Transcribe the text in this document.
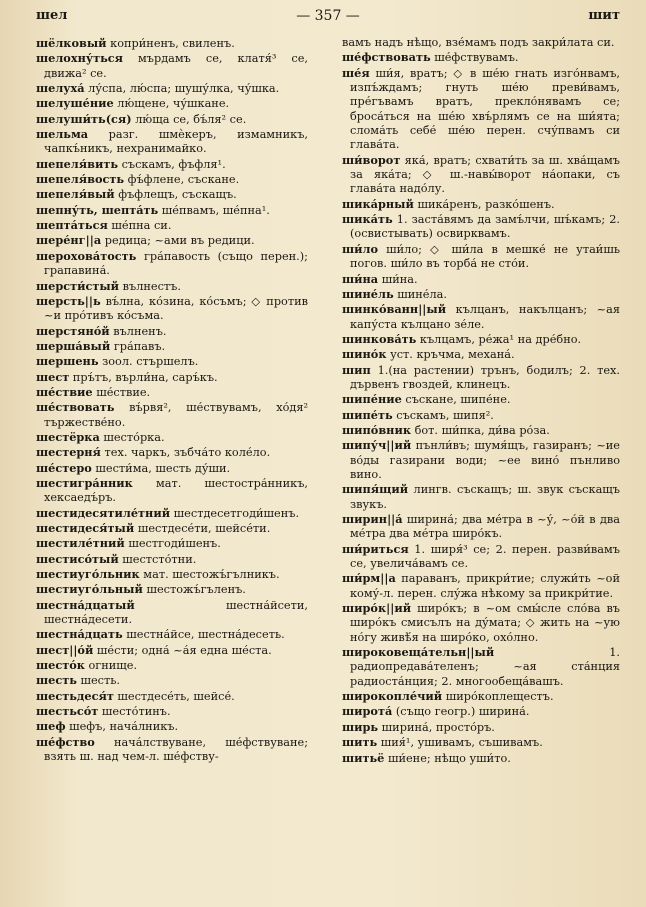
шел	— 357 —	шит

шёлковый копри́ненъ, свиленъ.

шелохну́ться мърдамъ се, клатя́³ се, движа² се.

шелуха́ лу́спа, лю́спа; шушу́лка, чу́шка.

шелуше́ние лю́щене, чу́шкане.

шелуши́ть(ся) лю́ща се, бъ́ля² се.

шельма разг. шмѐкеръ, измамникъ, чапкъ́никъ, нехранимайко.

шепеля́вить съскамъ, фъфля¹.

шепеля́вость фъ́флене, съскане.

шепеля́вый фъфлещъ, съскащъ.

шепну́ть, шепта́ть ше́пвамъ, ше́пна¹.

шепта́ться ше́пна си.

шере́нг||а редица; ~ами въ редици.

шерохова́тость гра́павость (също перен.); грапавина́.

шерсти́стый вълнестъ.

шерсть||ь въ́лна, ко́зина, ко́съмъ; ◇ против ~и про́тивъ ко́съма.

шерстяно́й вълненъ.

шерша́вый гра́павъ.

шершень зоол. стършелъ.

шест пръ́тъ, върли́на, саръ́къ.

ше́ствие ше́ствие.

ше́ствовать въ́рвя², ше́ствувамъ, хо́дя² тържестве́но.

шестёрка шесто́рка.

шестерня́ тех. чаркъ, зъбча́то коле́ло.

ше́стеро шести́ма, шесть ду́ши.

шестигра́нник мат. шестостра́нникъ, хексаедъ́ръ.

шестидесятиле́тний шестдесетгоди́шенъ.

шестидеся́тый шестдесе́ти, шейсе́ти.

шестиле́тний шестгоди́шенъ.

шестисо́тый шестсто́тни.

шестиуго́льник мат. шестожъ́гълникъ.

шестиуго́льный шестожъ́гъленъ.

шестна́дцатый шестна́йсети, шестна́десети.

шестна́дцать шестна́йсе, шестна́десеть.

шест||о́й ше́сти; одна́ ~а́я една ше́ста.

шесто́к огнище.

шесть шесть.

шестьдеся́т шестдесе́ть, шейсе́.

шестьсо́т шесто́тинъ.

шеф шефъ, нача́лникъ.

ше́фство нача́лствуване, ше́фствуване; взять ш. над чем-л. ше́фству-

вамъ надъ нѣщо, взе́мамъ подъ закри́лата си.

ше́фствовать ше́фствувамъ.

ше́я ши́я, вратъ; ◇ в ше́ю гнать изго́нвамъ, изпъ́ждамъ; гнуть ше́ю преви́вамъ, пре́гъвамъ вратъ, прекло́нявамъ се; броса́ться на ше́ю хвъ́рлямъ се на ши́ята; слома́ть себе́ ше́ю перен. счу́пвамъ си глава́та.

ши́ворот яка́, вратъ; схвати́ть за ш. хва́щамъ за яка́та; ◇ ш.-навы́ворот на́опаки, съ глава́та надо́лу.

шика́рный шика́ренъ, разко́шенъ.

шика́ть 1. заста́вямъ да замъ́лчи, шъ́камъ; 2. (освистывать) освирквамъ.

ши́ло ши́ло; ◇ ши́ла в мешке́ не утаи́шь погов. ши́ло въ торба́ не сто́и.

ши́на ши́на.

шине́ль шине́ла.

шинко́ванн||ый кълцанъ, накълцанъ; ~ая капу́ста кълцано зе́ле.

шинкова́ть кълцамъ, ре́жа¹ на дре́бно.

шино́к уст. кръчма, механа́.

шип 1.(на растении) трънъ, бодилъ; 2. тех. дървенъ гвоздей, клинецъ.

шипе́ние съскане, шипе́не.

шипе́ть съскамъ, шипя².

шипо́вник бот. ши́пка, ди́ва ро́за.

шипу́ч||ий пънли́въ; шумя́щъ, газиранъ; ~ие во́ды газирани води; ~ее вино́ пънливо вино.

шипя́щий лингв. съскащъ; ш. звук съскащъ звукъ.

ширин||а́ ширина́; два ме́тра в ~у́, ~о́й в два ме́тра два ме́тра широ́къ.

ши́риться 1. ширя́³ се; 2. перен. разви́вамъ се, увелича́вамъ се.

ши́рм||а параванъ, прикри́тие; служи́ть ~ой кому́-л. перен. слу́жа нѣкому за прикри́тие.

широ́к||ий широ́къ; в ~ом смы́сле сло́ва въ широ́къ смисълъ на ду́мата; ◇ жить на ~ую но́гу живѣ́я на широ́ко, охо́лно.

широковеща́тельн||ый 1. радиопредава́теленъ; ~ая ста́нция радиоста́нция; 2. многообеща́вашъ.

широкопле́чий широ́коплещестъ.

широта́ (също геогр.) ширина́.

ширь ширина́, просто́ръ.

шить шия́¹, ушивамъ, съшивамъ.

шитьё ши́ене; нѣщо уши́то.
